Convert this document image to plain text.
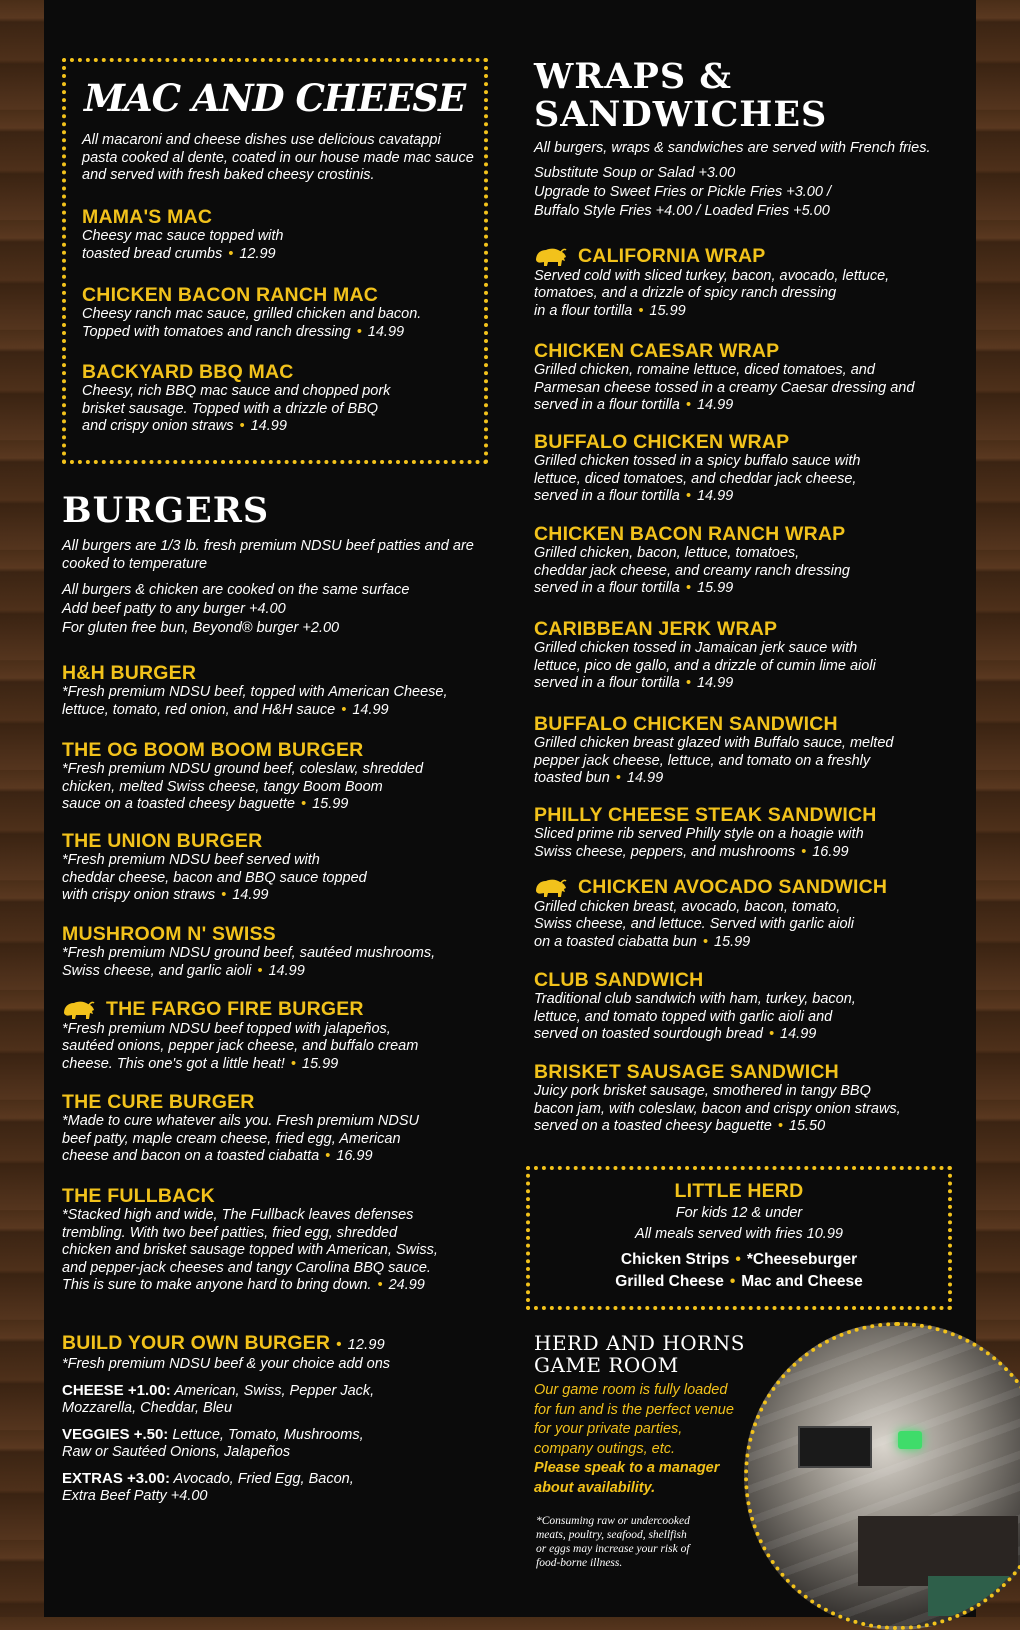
MAC AND CHEESE
All macaroni and cheese dishes use delicious cavatappi pasta cooked al dente, coated in our house made mac sauce and served with fresh baked cheesy crostinis.
MAMA'S MAC
Cheesy mac sauce topped with
toasted bread crumbs • 12.99
CHICKEN BACON RANCH MAC
Cheesy ranch mac sauce, grilled chicken and bacon.
Topped with tomatoes and ranch dressing • 14.99
BACKYARD BBQ MAC
Cheesy, rich BBQ mac sauce and chopped pork
brisket sausage. Topped with a drizzle of BBQ
and crispy onion straws • 14.99
BURGERS
All burgers are 1/3 lb. fresh premium NDSU beef patties and are cooked to temperature
All burgers & chicken are cooked on the same surface
Add beef patty to any burger +4.00
For gluten free bun, Beyond® burger +2.00
H&H BURGER
*Fresh premium NDSU beef, topped with American Cheese,
lettuce, tomato, red onion, and H&H sauce • 14.99
THE OG BOOM BOOM BURGER
*Fresh premium NDSU ground beef, coleslaw, shredded
chicken, melted Swiss cheese, tangy Boom Boom
sauce on a toasted cheesy baguette • 15.99
THE UNION BURGER
*Fresh premium NDSU beef served with
cheddar cheese, bacon and BBQ sauce topped
with crispy onion straws • 14.99
MUSHROOM N' SWISS
*Fresh premium NDSU ground beef, sautéed mushrooms,
Swiss cheese, and garlic aioli • 14.99
THE FARGO FIRE BURGER
*Fresh premium NDSU beef topped with jalapeños,
sautéed onions, pepper jack cheese, and buffalo cream
cheese. This one's got a little heat! • 15.99
THE CURE BURGER
*Made to cure whatever ails you. Fresh premium NDSU
beef patty, maple cream cheese, fried egg, American
cheese and bacon on a toasted ciabatta • 16.99
THE FULLBACK
*Stacked high and wide, The Fullback leaves defenses
trembling. With two beef patties, fried egg, shredded
chicken and brisket sausage topped with American, Swiss,
and pepper-jack cheeses and tangy Carolina BBQ sauce.
This is sure to make anyone hard to bring down. • 24.99
BUILD YOUR OWN BURGER • 12.99
*Fresh premium NDSU beef & your choice add ons
CHEESE +1.00: American, Swiss, Pepper Jack,
Mozzarella, Cheddar, Bleu
VEGGIES +.50: Lettuce, Tomato, Mushrooms,
Raw or Sautéed Onions, Jalapeños
EXTRAS +3.00: Avocado, Fried Egg, Bacon,
Extra Beef Patty +4.00
WRAPS &
SANDWICHES
All burgers, wraps & sandwiches are served with French fries.
Substitute Soup or Salad +3.00
Upgrade to Sweet Fries or Pickle Fries +3.00 /
Buffalo Style Fries +4.00 / Loaded Fries +5.00
CALIFORNIA WRAP
Served cold with sliced turkey, bacon, avocado, lettuce,
tomatoes, and a drizzle of spicy ranch dressing
in a flour tortilla • 15.99
CHICKEN CAESAR WRAP
Grilled chicken, romaine lettuce, diced tomatoes, and
Parmesan cheese tossed in a creamy Caesar dressing and
served in a flour tortilla • 14.99
BUFFALO CHICKEN WRAP
Grilled chicken tossed in a spicy buffalo sauce with
lettuce, diced tomatoes, and cheddar jack cheese,
served in a flour tortilla • 14.99
CHICKEN BACON RANCH WRAP
Grilled chicken, bacon, lettuce, tomatoes,
cheddar jack cheese, and creamy ranch dressing
served in a flour tortilla • 15.99
CARIBBEAN JERK WRAP
Grilled chicken tossed in Jamaican jerk sauce with
lettuce, pico de gallo, and a drizzle of cumin lime aioli
served in a flour tortilla • 14.99
BUFFALO CHICKEN SANDWICH
Grilled chicken breast glazed with Buffalo sauce, melted
pepper jack cheese, lettuce, and tomato on a freshly
toasted bun • 14.99
PHILLY CHEESE STEAK SANDWICH
Sliced prime rib served Philly style on a hoagie with
Swiss cheese, peppers, and mushrooms • 16.99
CHICKEN AVOCADO SANDWICH
Grilled chicken breast, avocado, bacon, tomato,
Swiss cheese, and lettuce. Served with garlic aioli
on a toasted ciabatta bun • 15.99
CLUB SANDWICH
Traditional club sandwich with ham, turkey, bacon,
lettuce, and tomato topped with garlic aioli and
served on toasted sourdough bread • 14.99
BRISKET SAUSAGE SANDWICH
Juicy pork brisket sausage, smothered in tangy BBQ
bacon jam, with coleslaw, bacon and crispy onion straws,
served on a toasted cheesy baguette • 15.50
LITTLE HERD
For kids 12 & under
All meals served with fries 10.99
Chicken Strips • *Cheeseburger
Grilled Cheese • Mac and Cheese
HERD AND HORNS
GAME ROOM
Our game room is fully loaded
for fun and is the perfect venue
for your private parties,
company outings, etc.
Please speak to a manager
about availability.
*Consuming raw or undercooked
meats, poultry, seafood, shellfish
or eggs may increase your risk of
food-borne illness.
